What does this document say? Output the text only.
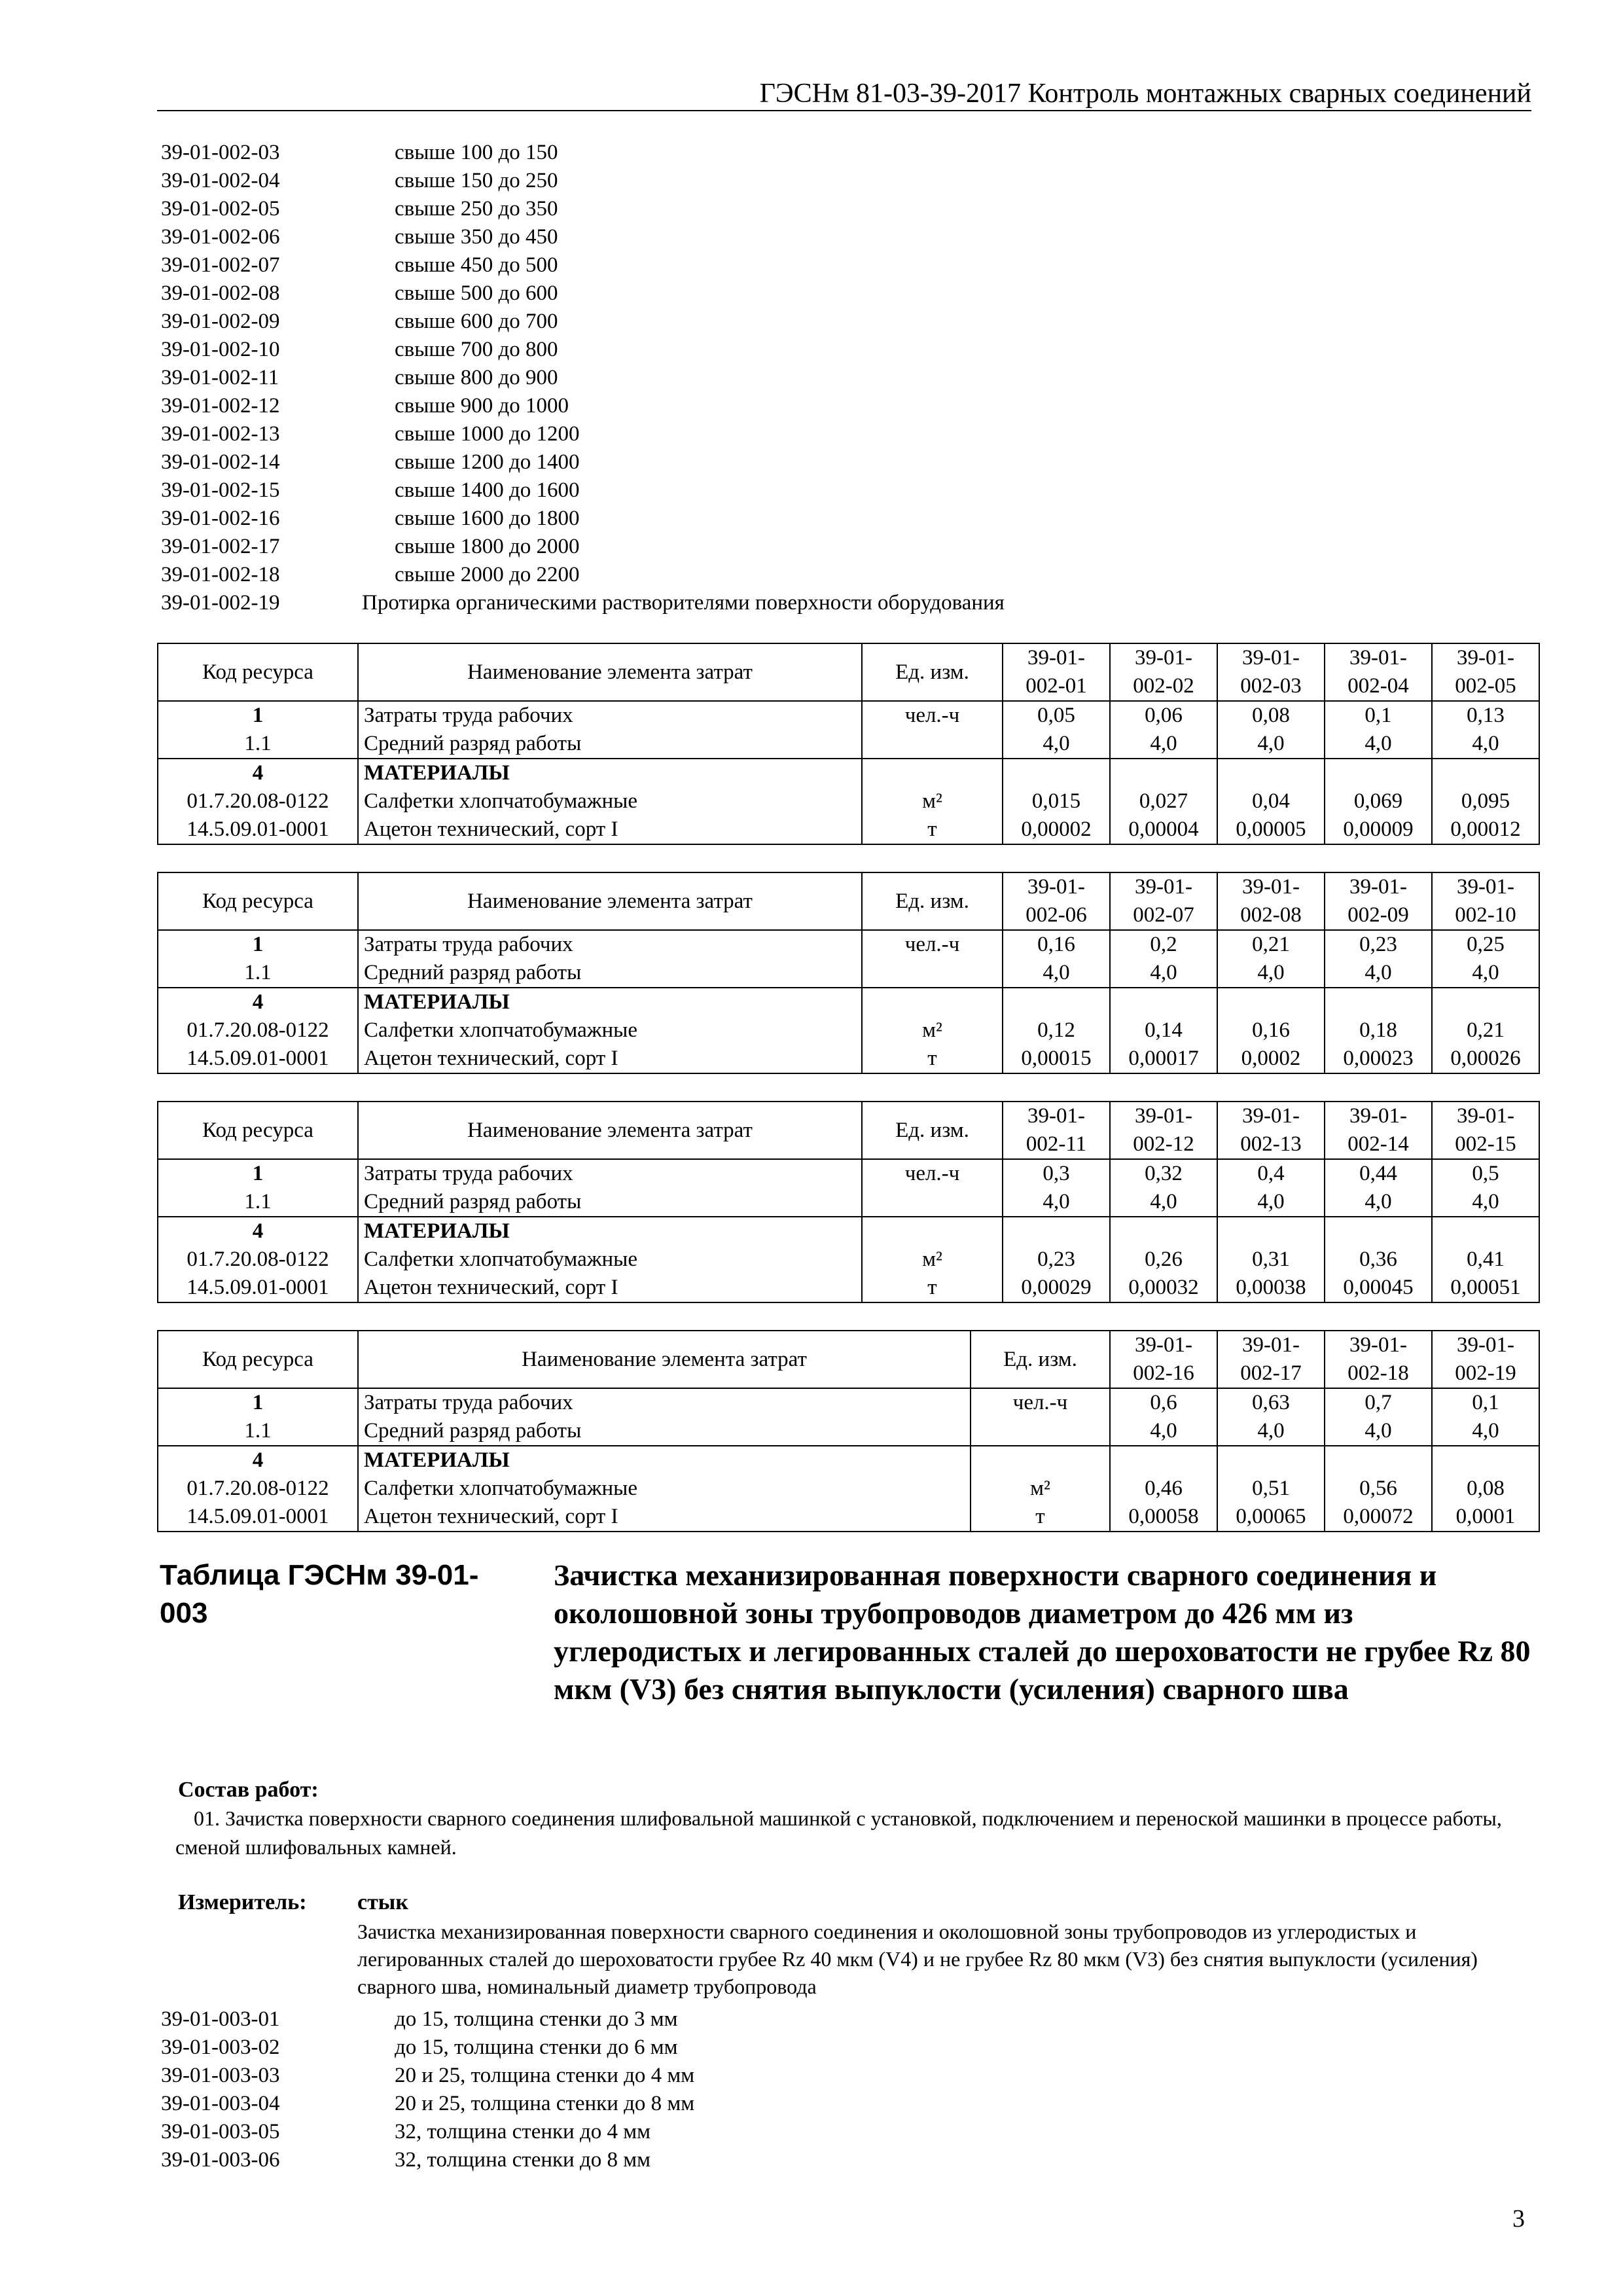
ГЭСНм 81-03-39-2017 Контроль монтажных сварных соединений
39-01-002-03	свыше 100 до 150
39-01-002-04	свыше 150 до 250
39-01-002-05	свыше 250 до 350
39-01-002-06	свыше 350 до 450
39-01-002-07	свыше 450 до 500
39-01-002-08	свыше 500 до 600
39-01-002-09	свыше 600 до 700
39-01-002-10	свыше 700 до 800
39-01-002-11	свыше 800 до 900
39-01-002-12	свыше 900 до 1000
39-01-002-13	свыше 1000 до 1200
39-01-002-14	свыше 1200 до 1400
39-01-002-15	свыше 1400 до 1600
39-01-002-16	свыше 1600 до 1800
39-01-002-17	свыше 1800 до 2000
39-01-002-18	свыше 2000 до 2200
39-01-002-19	Протирка органическими растворителями поверхности оборудования
Код ресурса	Наименование элемента затрат	Ед. изм.	39-01-002-01	39-01-002-02	39-01-002-03	39-01-002-04	39-01-002-05
1	Затраты труда рабочих	чел.-ч	0,05	0,06	0,08	0,1	0,13
1.1	Средний разряд работы		4,0	4,0	4,0	4,0	4,0
4	МАТЕРИАЛЫ						
01.7.20.08-0122	Салфетки хлопчатобумажные	м²	0,015	0,027	0,04	0,069	0,095
14.5.09.01-0001	Ацетон технический, сорт I	т	0,00002	0,00004	0,00005	0,00009	0,00012
Код ресурса	Наименование элемента затрат	Ед. изм.	39-01-002-06	39-01-002-07	39-01-002-08	39-01-002-09	39-01-002-10
1	Затраты труда рабочих	чел.-ч	0,16	0,2	0,21	0,23	0,25
1.1	Средний разряд работы		4,0	4,0	4,0	4,0	4,0
4	МАТЕРИАЛЫ						
01.7.20.08-0122	Салфетки хлопчатобумажные	м²	0,12	0,14	0,16	0,18	0,21
14.5.09.01-0001	Ацетон технический, сорт I	т	0,00015	0,00017	0,0002	0,00023	0,00026
Код ресурса	Наименование элемента затрат	Ед. изм.	39-01-002-11	39-01-002-12	39-01-002-13	39-01-002-14	39-01-002-15
1	Затраты труда рабочих	чел.-ч	0,3	0,32	0,4	0,44	0,5
1.1	Средний разряд работы		4,0	4,0	4,0	4,0	4,0
4	МАТЕРИАЛЫ						
01.7.20.08-0122	Салфетки хлопчатобумажные	м²	0,23	0,26	0,31	0,36	0,41
14.5.09.01-0001	Ацетон технический, сорт I	т	0,00029	0,00032	0,00038	0,00045	0,00051
Код ресурса	Наименование элемента затрат	Ед. изм.	39-01-002-16	39-01-002-17	39-01-002-18	39-01-002-19
1	Затраты труда рабочих	чел.-ч	0,6	0,63	0,7	0,1
1.1	Средний разряд работы		4,0	4,0	4,0	4,0
4	МАТЕРИАЛЫ					
01.7.20.08-0122	Салфетки хлопчатобумажные	м²	0,46	0,51	0,56	0,08
14.5.09.01-0001	Ацетон технический, сорт I	т	0,00058	0,00065	0,00072	0,0001
Таблица ГЭСНм 39-01-003
Зачистка механизированная поверхности сварного соединения и околошовной зоны трубопроводов диаметром до 426 мм из углеродистых и легированных сталей до шероховатости не грубее Rz 80 мкм (V3) без снятия выпуклости (усиления) сварного шва
Состав работ:
01. Зачистка поверхности сварного соединения шлифовальной машинкой с установкой, подключением и переноской машинки в процессе работы, сменой шлифовальных камней.
Измеритель: стык
Зачистка механизированная поверхности сварного соединения и околошовной зоны трубопроводов из углеродистых и легированных сталей до шероховатости грубее Rz 40 мкм (V4) и не грубее Rz 80 мкм (V3) без снятия выпуклости (усиления) сварного шва, номинальный диаметр трубопровода
39-01-003-01	до 15, толщина стенки до 3 мм
39-01-003-02	до 15, толщина стенки до 6 мм
39-01-003-03	20 и 25, толщина стенки до 4 мм
39-01-003-04	20 и 25, толщина стенки до 8 мм
39-01-003-05	32, толщина стенки до 4 мм
39-01-003-06	32, толщина стенки до 8 мм
3
